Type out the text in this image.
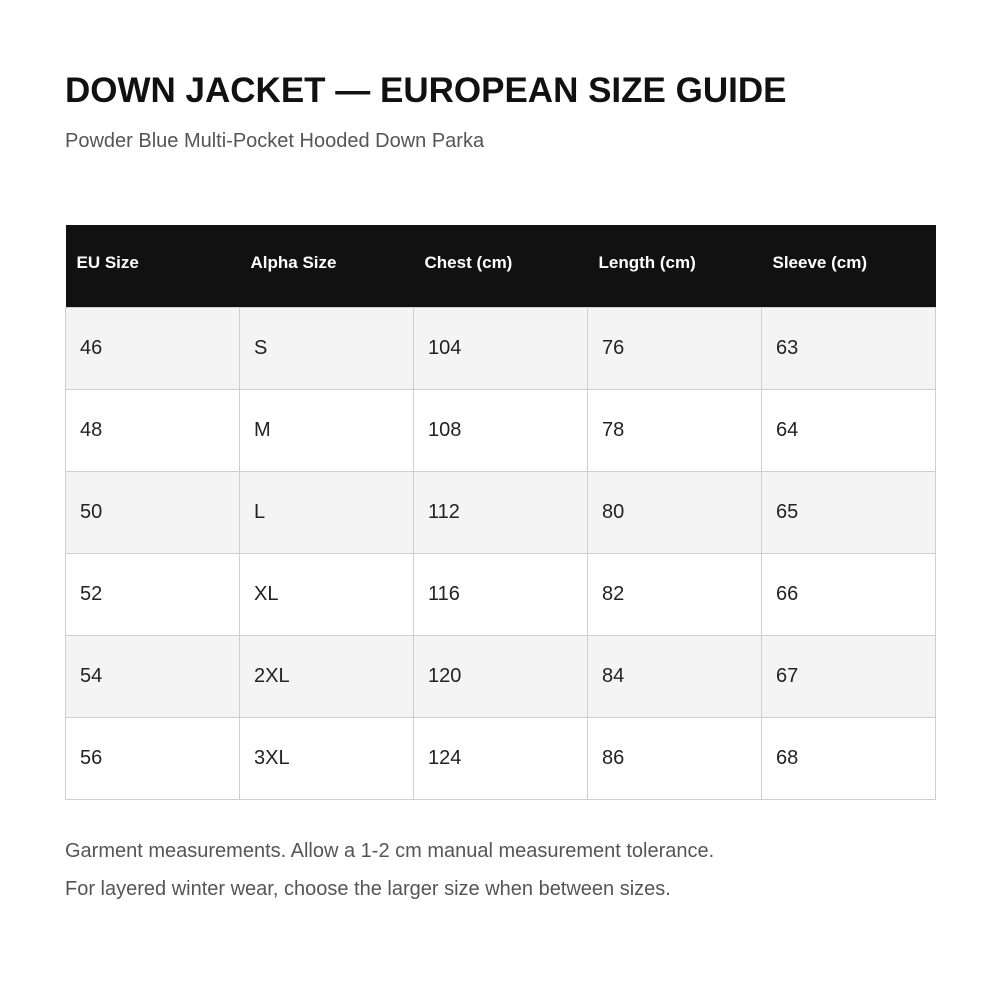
DOWN JACKET — EUROPEAN SIZE GUIDE
Powder Blue Multi-Pocket Hooded Down Parka
EU Size	Alpha Size	Chest (cm)	Length (cm)	Sleeve (cm)
46	S	104	76	63
48	M	108	78	64
50	L	112	80	65
52	XL	116	82	66
54	2XL	120	84	67
56	3XL	124	86	68
Garment measurements. Allow a 1-2 cm manual measurement tolerance.
For layered winter wear, choose the larger size when between sizes.
